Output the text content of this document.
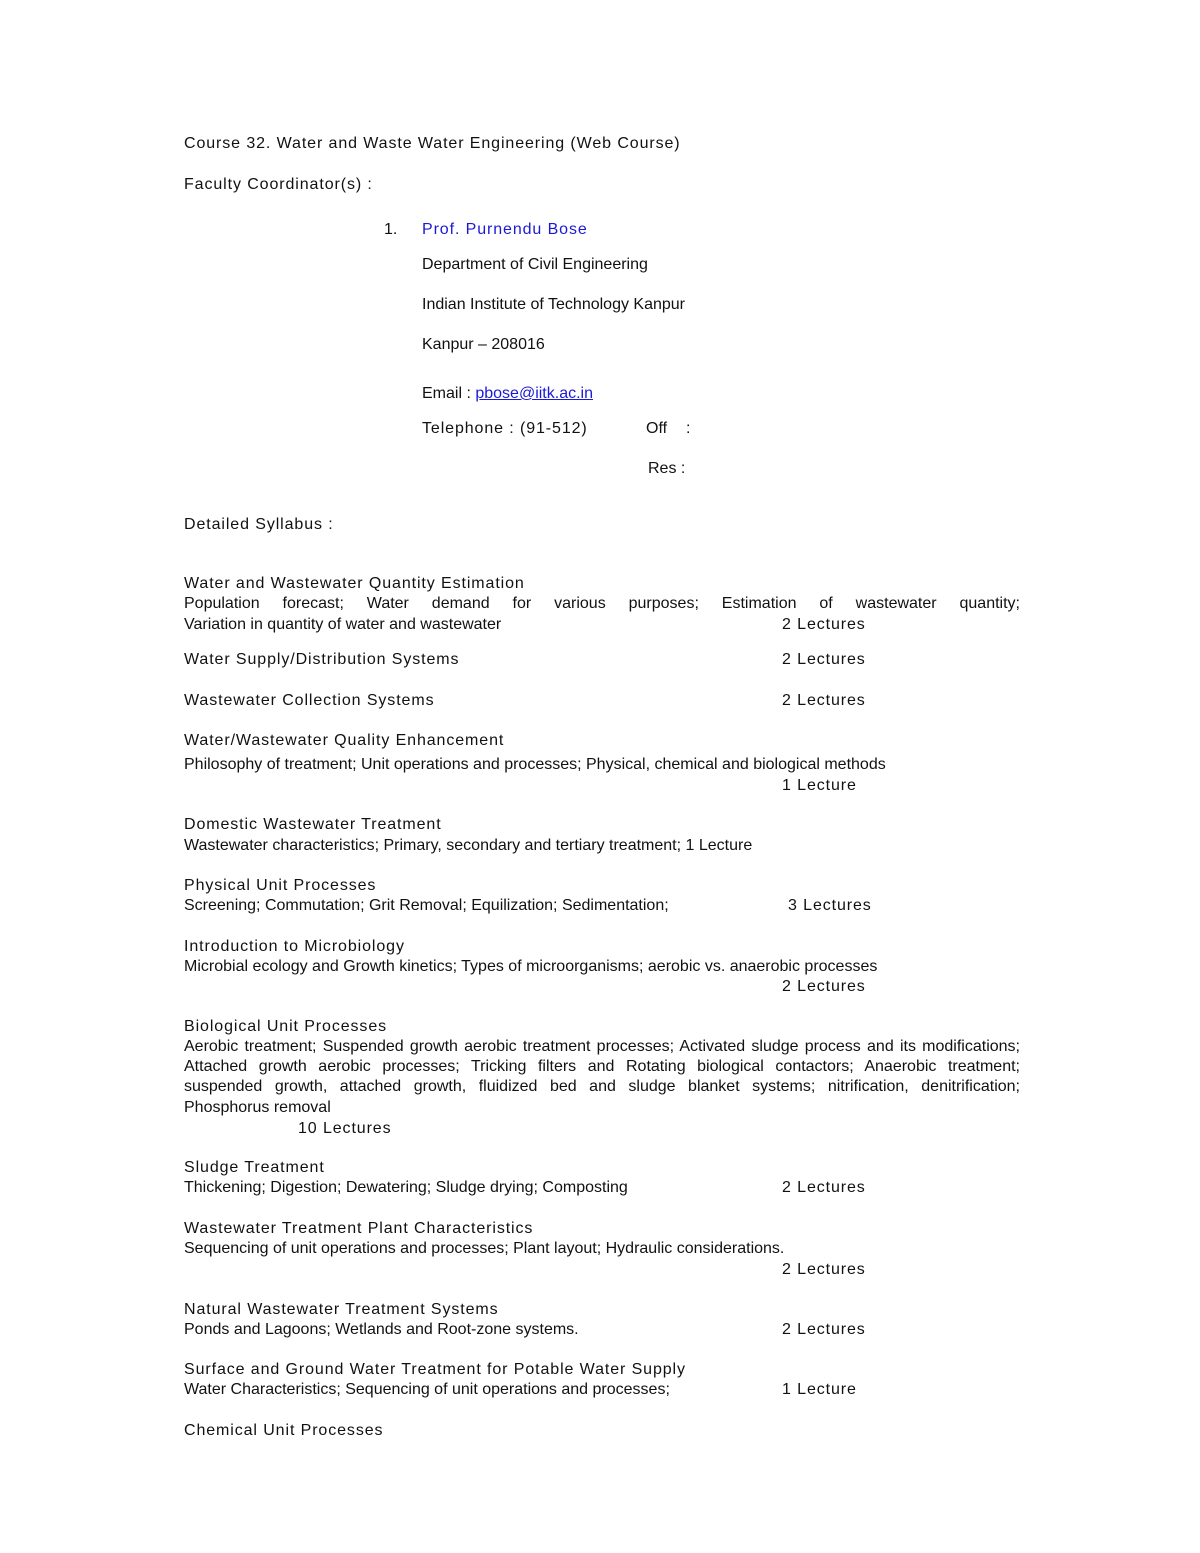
Course 32. Water and Waste Water Engineering (Web Course)
Faculty Coordinator(s) :
1. Prof. Purnendu Bose
Department of Civil Engineering
Indian Institute of Technology Kanpur
Kanpur – 208016
Email : pbose@iitk.ac.in
Telephone : (91-512)	Off :
Res :
Detailed Syllabus :
Water and Wastewater Quantity Estimation
Population forecast; Water demand for various purposes; Estimation of wastewater quantity;
Variation in quantity of water and wastewater	2 Lectures
Water Supply/Distribution Systems	2 Lectures
Wastewater Collection Systems	2 Lectures
Water/Wastewater Quality Enhancement
Philosophy of treatment; Unit operations and processes; Physical, chemical and biological methods
1 Lecture
Domestic Wastewater Treatment
Wastewater characteristics; Primary, secondary and tertiary treatment; 1 Lecture
Physical Unit Processes
Screening; Commutation; Grit Removal; Equilization; Sedimentation;	3 Lectures
Introduction to Microbiology
Microbial ecology and Growth kinetics; Types of microorganisms; aerobic vs. anaerobic processes
2 Lectures
Biological Unit Processes
Aerobic treatment; Suspended growth aerobic treatment processes; Activated sludge process and its modifications; Attached growth aerobic processes; Tricking filters and Rotating biological contactors; Anaerobic treatment; suspended growth, attached growth, fluidized bed and sludge blanket systems; nitrification, denitrification; Phosphorus removal
10 Lectures
Sludge Treatment
Thickening; Digestion; Dewatering; Sludge drying; Composting	2 Lectures
Wastewater Treatment Plant Characteristics
Sequencing of unit operations and processes; Plant layout; Hydraulic considerations.
2 Lectures
Natural Wastewater Treatment Systems
Ponds and Lagoons; Wetlands and Root-zone systems.	2 Lectures
Surface and Ground Water Treatment for Potable Water Supply
Water Characteristics; Sequencing of unit operations and processes;	1 Lecture
Chemical Unit Processes
